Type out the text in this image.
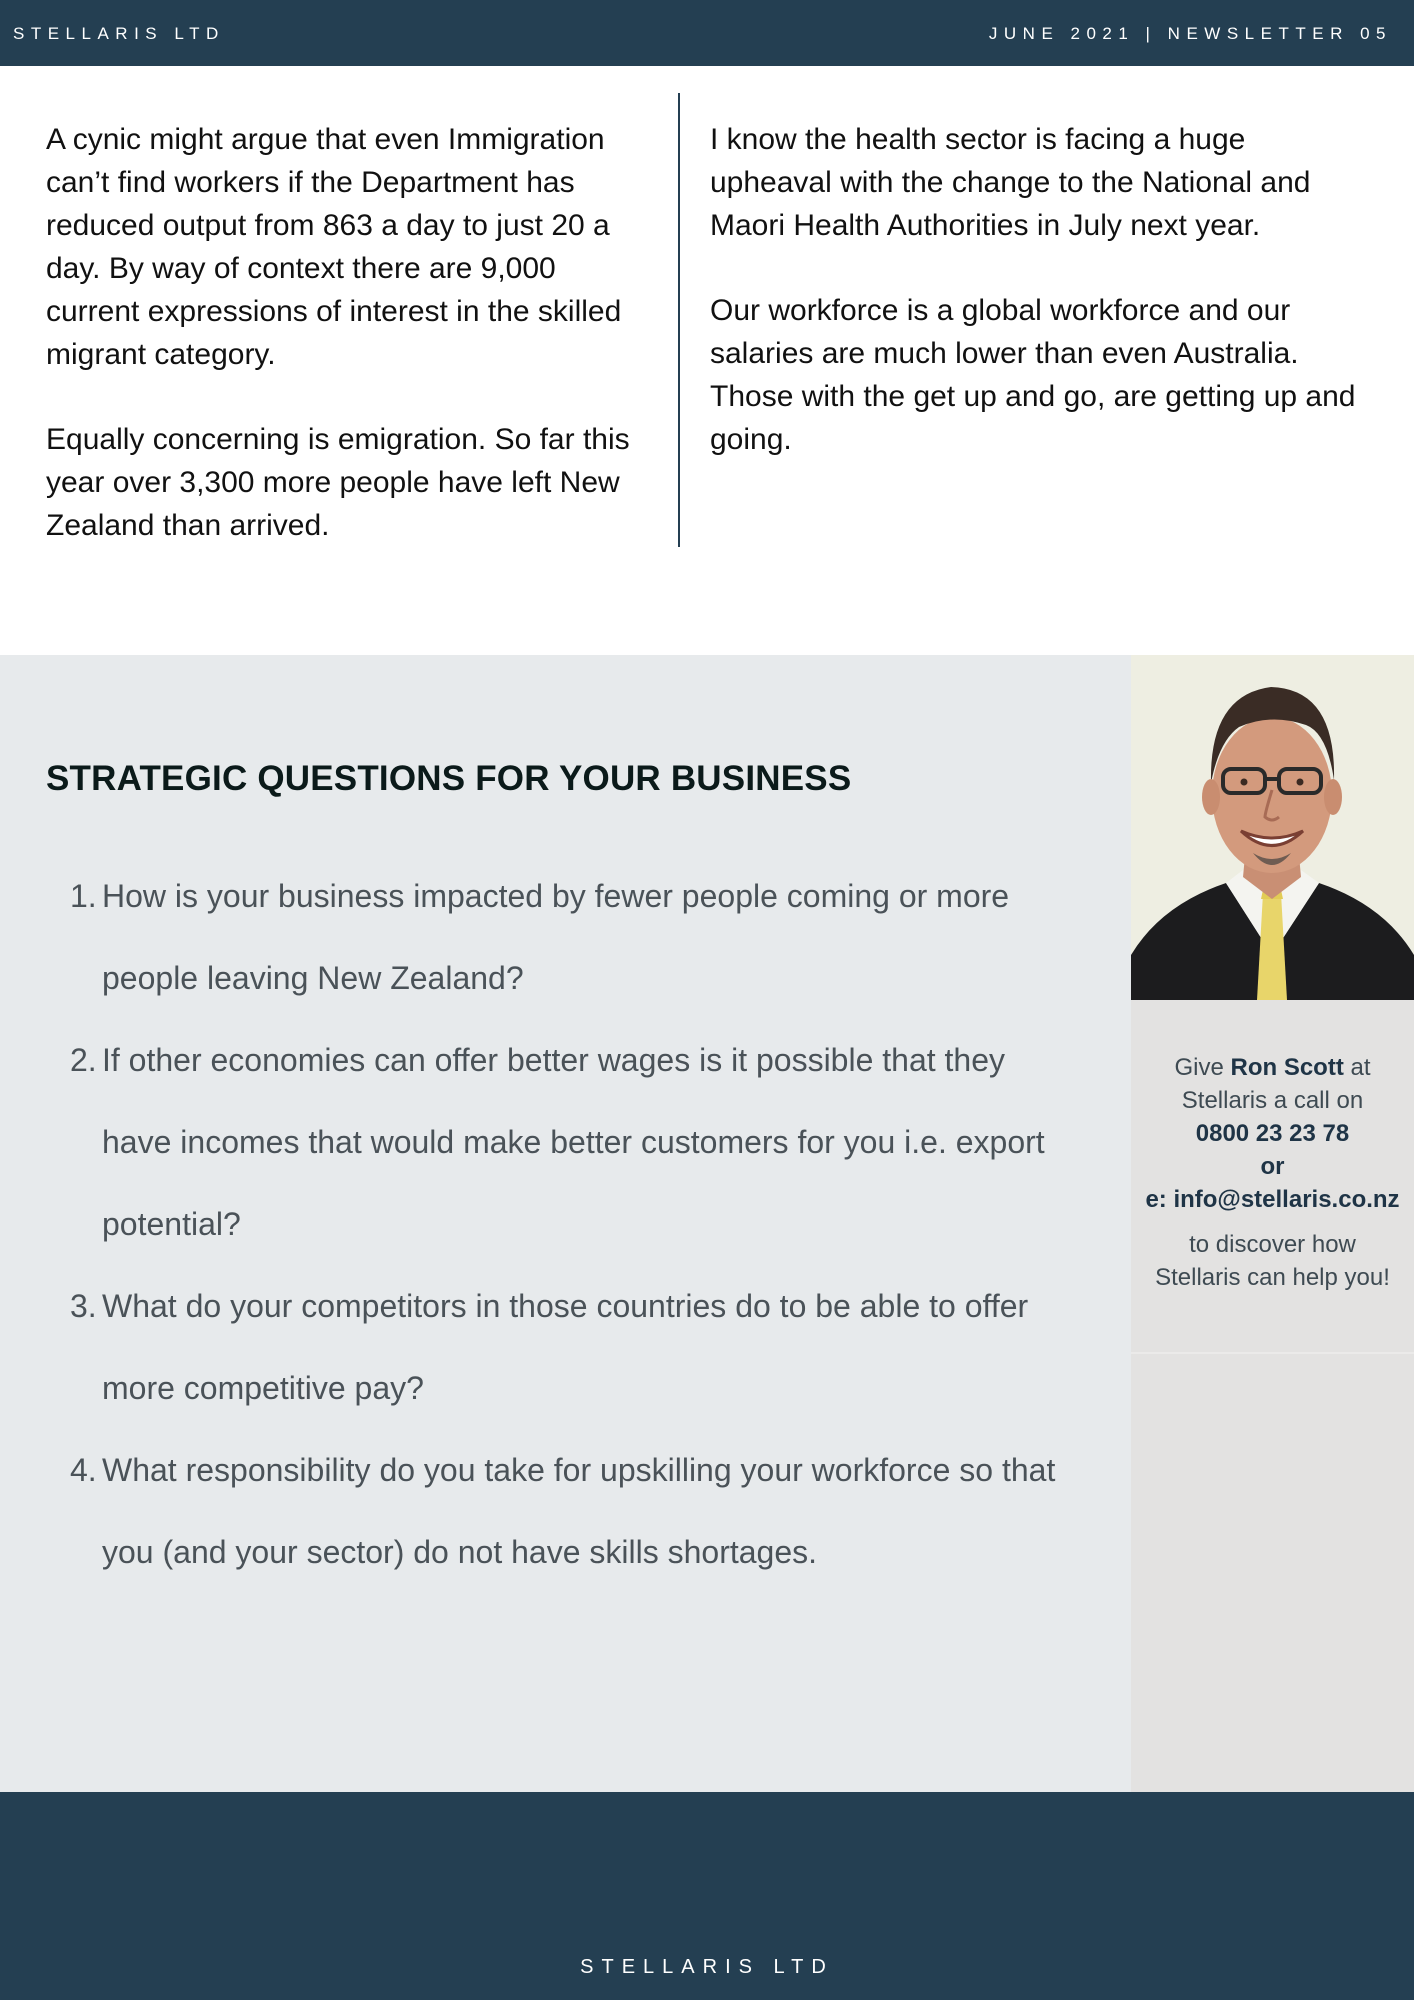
STELLARIS LTD	JUNE 2021 | NEWSLETTER 05

A cynic might argue that even Immigration can’t find workers if the Department has reduced output from 863 a day to just 20 a day. By way of context there are 9,000 current expressions of interest in the skilled migrant category.

Equally concerning is emigration. So far this year over 3,300 more people have left New Zealand than arrived.

I know the health sector is facing a huge upheaval with the change to the National and Maori Health Authorities in July next year.

Our workforce is a global workforce and our salaries are much lower than even Australia. Those with the get up and go, are getting up and going.

STRATEGIC QUESTIONS FOR YOUR BUSINESS
1. How is your business impacted by fewer people coming or more people leaving New Zealand?
2. If other economies can offer better wages is it possible that they have incomes that would make better customers for you i.e. export potential?
3. What do your competitors in those countries do to be able to offer more competitive pay?
4. What responsibility do you take for upskilling your workforce so that you (and your sector) do not have skills shortages.
Give Ron Scott at
Stellaris a call on
0800 23 23 78
or
e: info@stellaris.co.nz
to discover how
Stellaris can help you!
STELLARIS LTD
